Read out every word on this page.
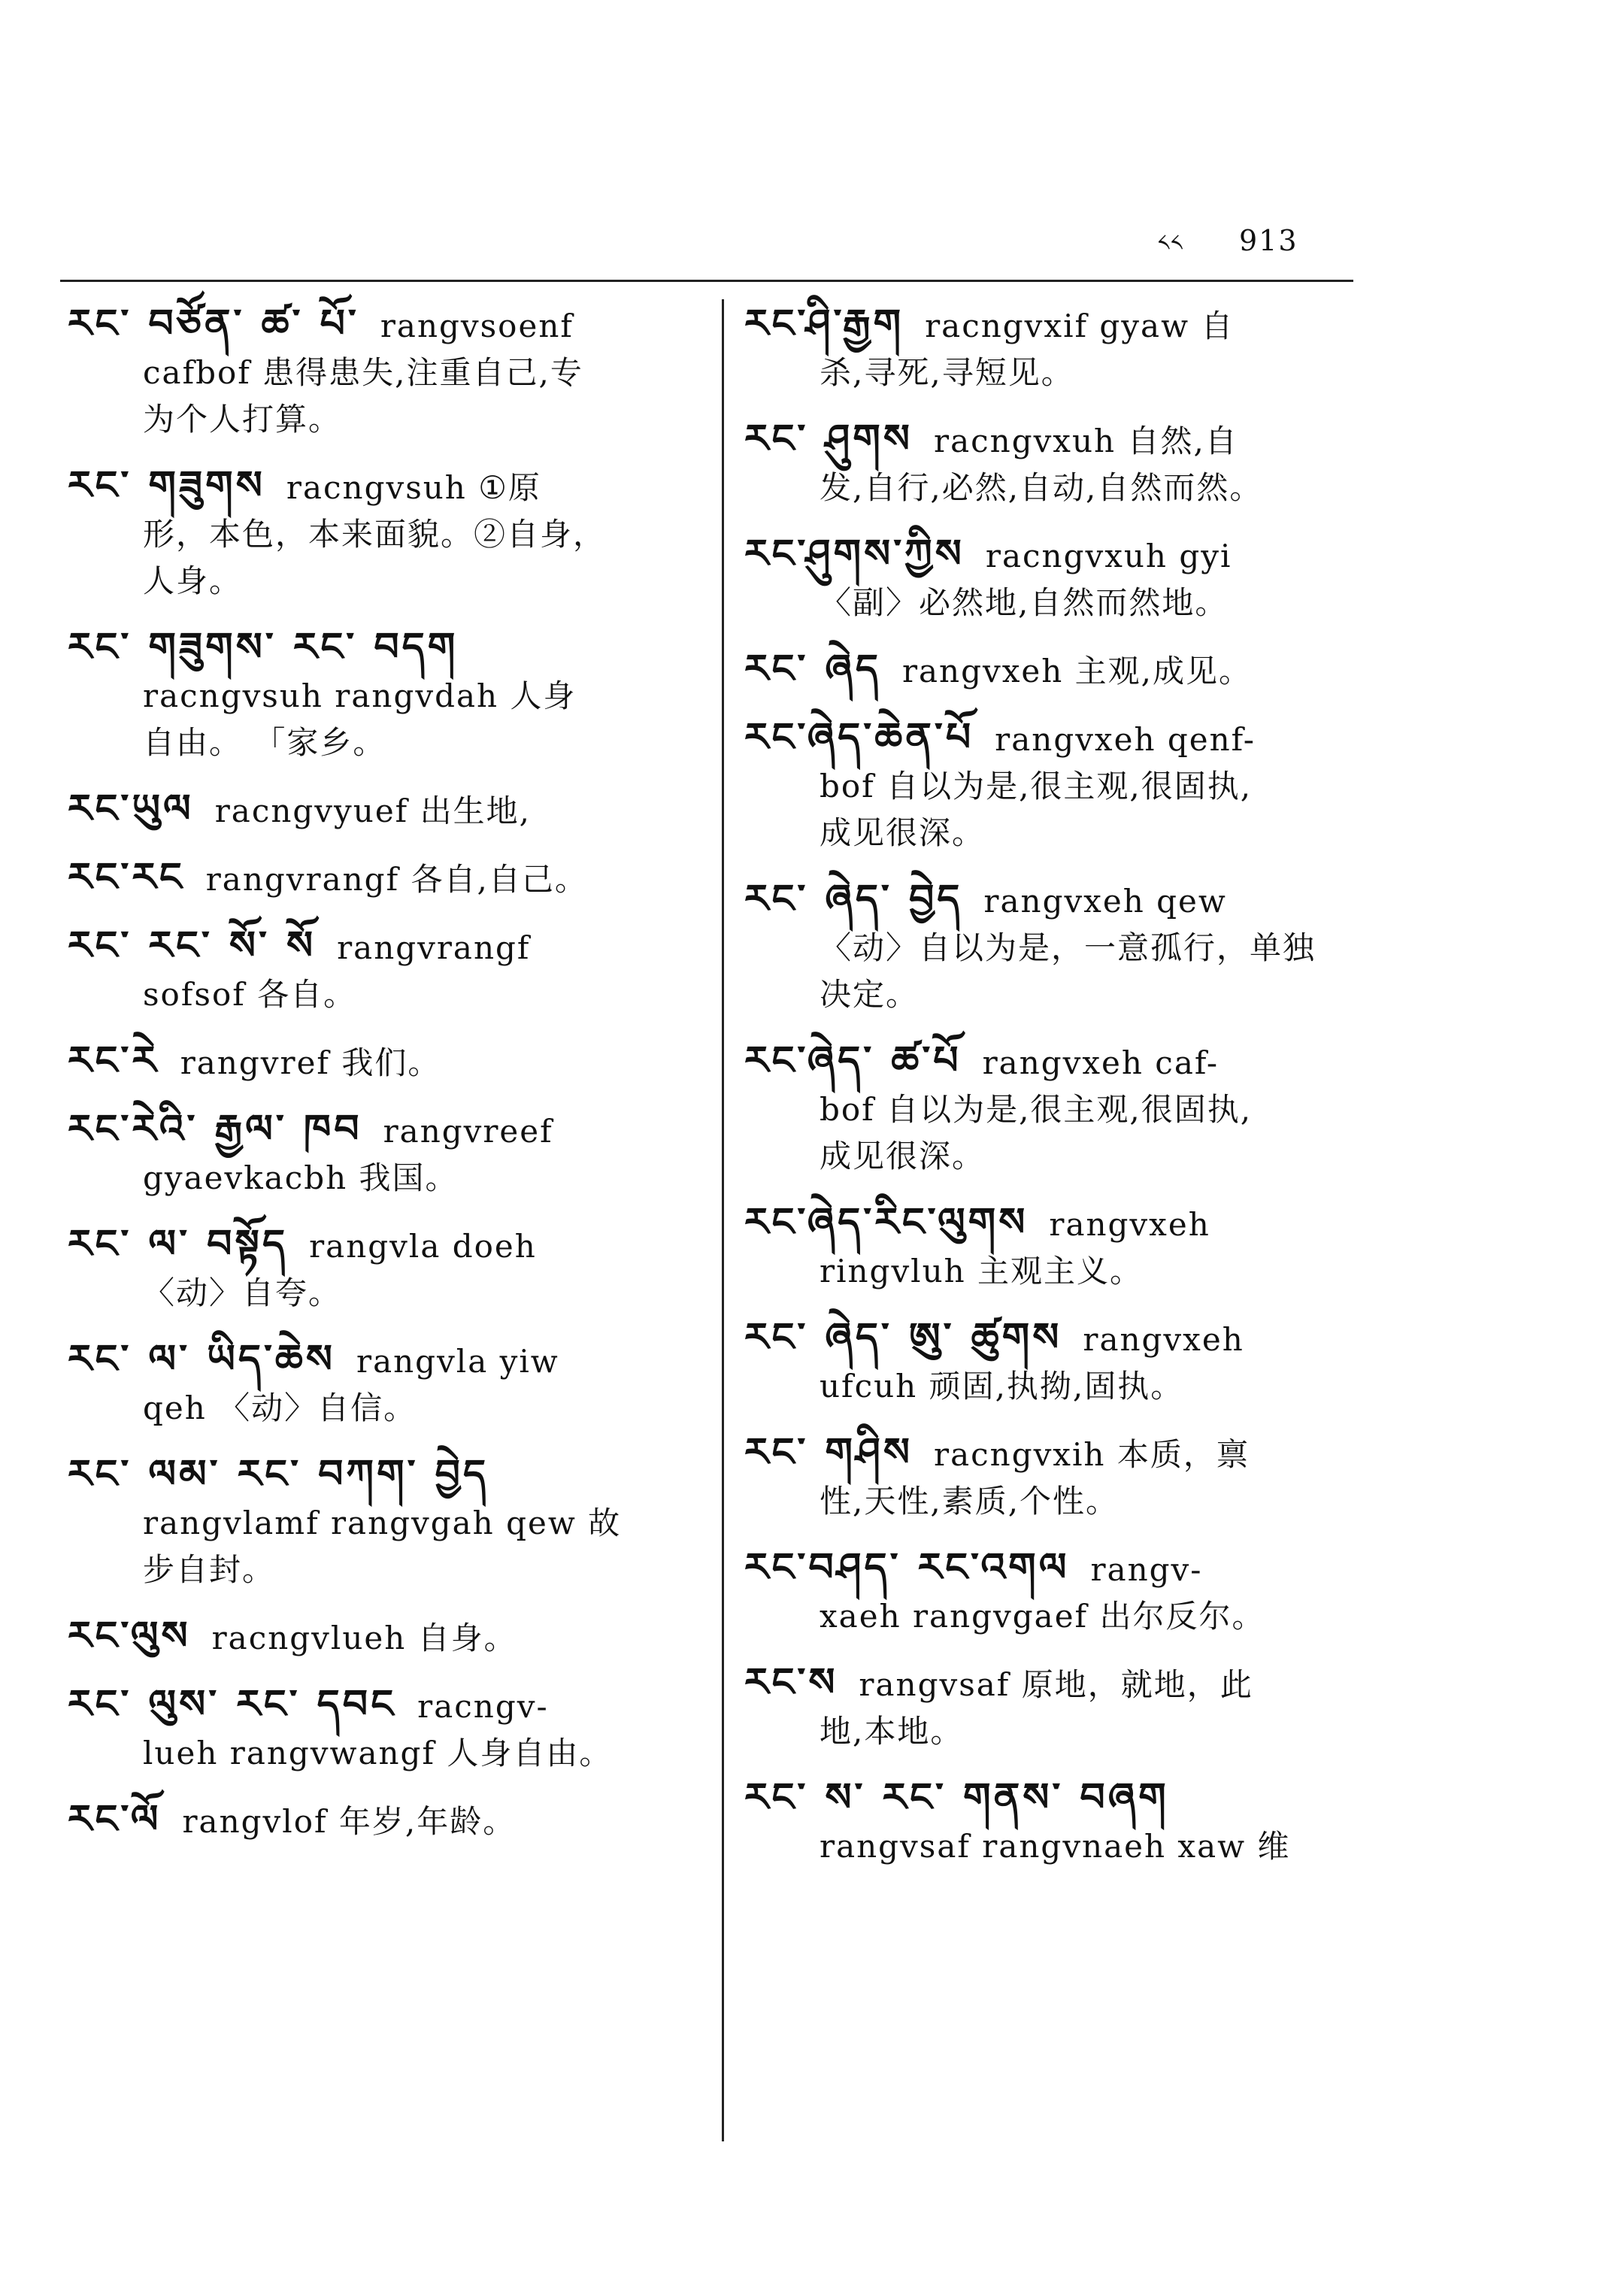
༨༨ 913
རང་ བཙོན་ ཚ་ པོ་ rangvsoenf
cafbof 患得患失,注重自己,专
为个人打算。
རང་ གཟུགས racngvsuh ①原
形，本色，本来面貌。②自身，
人身。
རང་ གཟུགས་ རང་ བདག
racngvsuh rangvdah 人身
自由。 「家乡。
རང་ཡུལ racngvyuef 出生地,
རང་རང rangvrangf 各自,自己。
རང་ རང་ སོ་ སོ rangvrangf
sofsof 各自。
རང་རེ rangvref 我们。
རང་རེའི་ རྒྱལ་ ཁབ rangvreef
gyaevkacbh 我国。
རང་ ལ་ བསྟོད rangvla doeh
〈动〉自夸。
རང་ ལ་ ཡིད་ཆེས rangvla yiw
qeh 〈动〉自信。
རང་ ལམ་ རང་ བཀག་ བྱེད
rangvlamf rangvgah qew 故
步自封。
རང་ལུས racngvlueh 自身。
རང་ ལུས་ རང་ དབང racngv-
lueh rangvwangf 人身自由。
རང་ལོ rangvlof 年岁,年龄。
རང་ཤི་རྒྱག racngvxif gyaw 自
杀,寻死,寻短见。
རང་ ཤུགས racngvxuh 自然,自
发,自行,必然,自动,自然而然。
རང་ཤུགས་ཀྱིས racngvxuh gyi
〈副〉必然地,自然而然地。
རང་ ཞེད rangvxeh 主观,成见。
རང་ཞེད་ཆེན་པོ rangvxeh qenf-
bof 自以为是,很主观,很固执,
成见很深。
རང་ ཞེད་ བྱེད rangvxeh qew
〈动〉自以为是，一意孤行，单独
决定。
རང་ཞེད་ ཚ་པོ rangvxeh caf-
bof 自以为是,很主观,很固执,
成见很深。
རང་ཞེད་རིང་ལུགས rangvxeh
ringvluh 主观主义。
རང་ ཞེད་ ཨུ་ ཚུགས rangvxeh
ufcuh 顽固,执拗,固执。
རང་ གཤིས racngvxih 本质，禀
性,天性,素质,个性。
རང་བཤད་ རང་འགལ rangv-
xaeh rangvgaef 出尔反尔。
རང་ས rangvsaf 原地，就地，此
地,本地。
རང་ ས་ རང་ གནས་ བཞག
rangvsaf rangvnaeh xaw 维
